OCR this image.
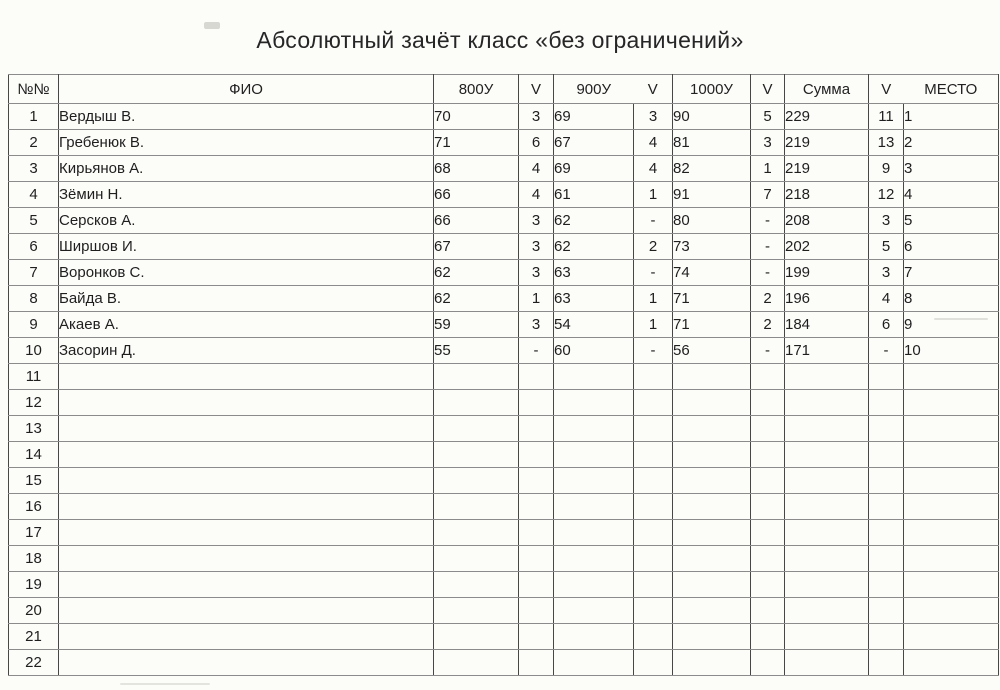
Абсолютный зачёт класс «без ограничений»
№№	ФИО	800У	V	900У	V	1000У	V	Сумма	V	МЕСТО
1	Вердыш В.	70	3	69	3	90	5	229	11	1
2	Гребенюк В.	71	6	67	4	81	3	219	13	2
3	Кирьянов А.	68	4	69	4	82	1	219	9	3
4	Зёмин Н.	66	4	61	1	91	7	218	12	4
5	Серсков А.	66	3	62	-	80	-	208	3	5
6	Ширшов И.	67	3	62	2	73	-	202	5	6
7	Воронков С.	62	3	63	-	74	-	199	3	7
8	Байда В.	62	1	63	1	71	2	196	4	8
9	Акаев А.	59	3	54	1	71	2	184	6	9
10	Засорин Д.	55	-	60	-	56	-	171	-	10
11										
12										
13										
14										
15										
16										
17										
18										
19										
20										
21										
22										
